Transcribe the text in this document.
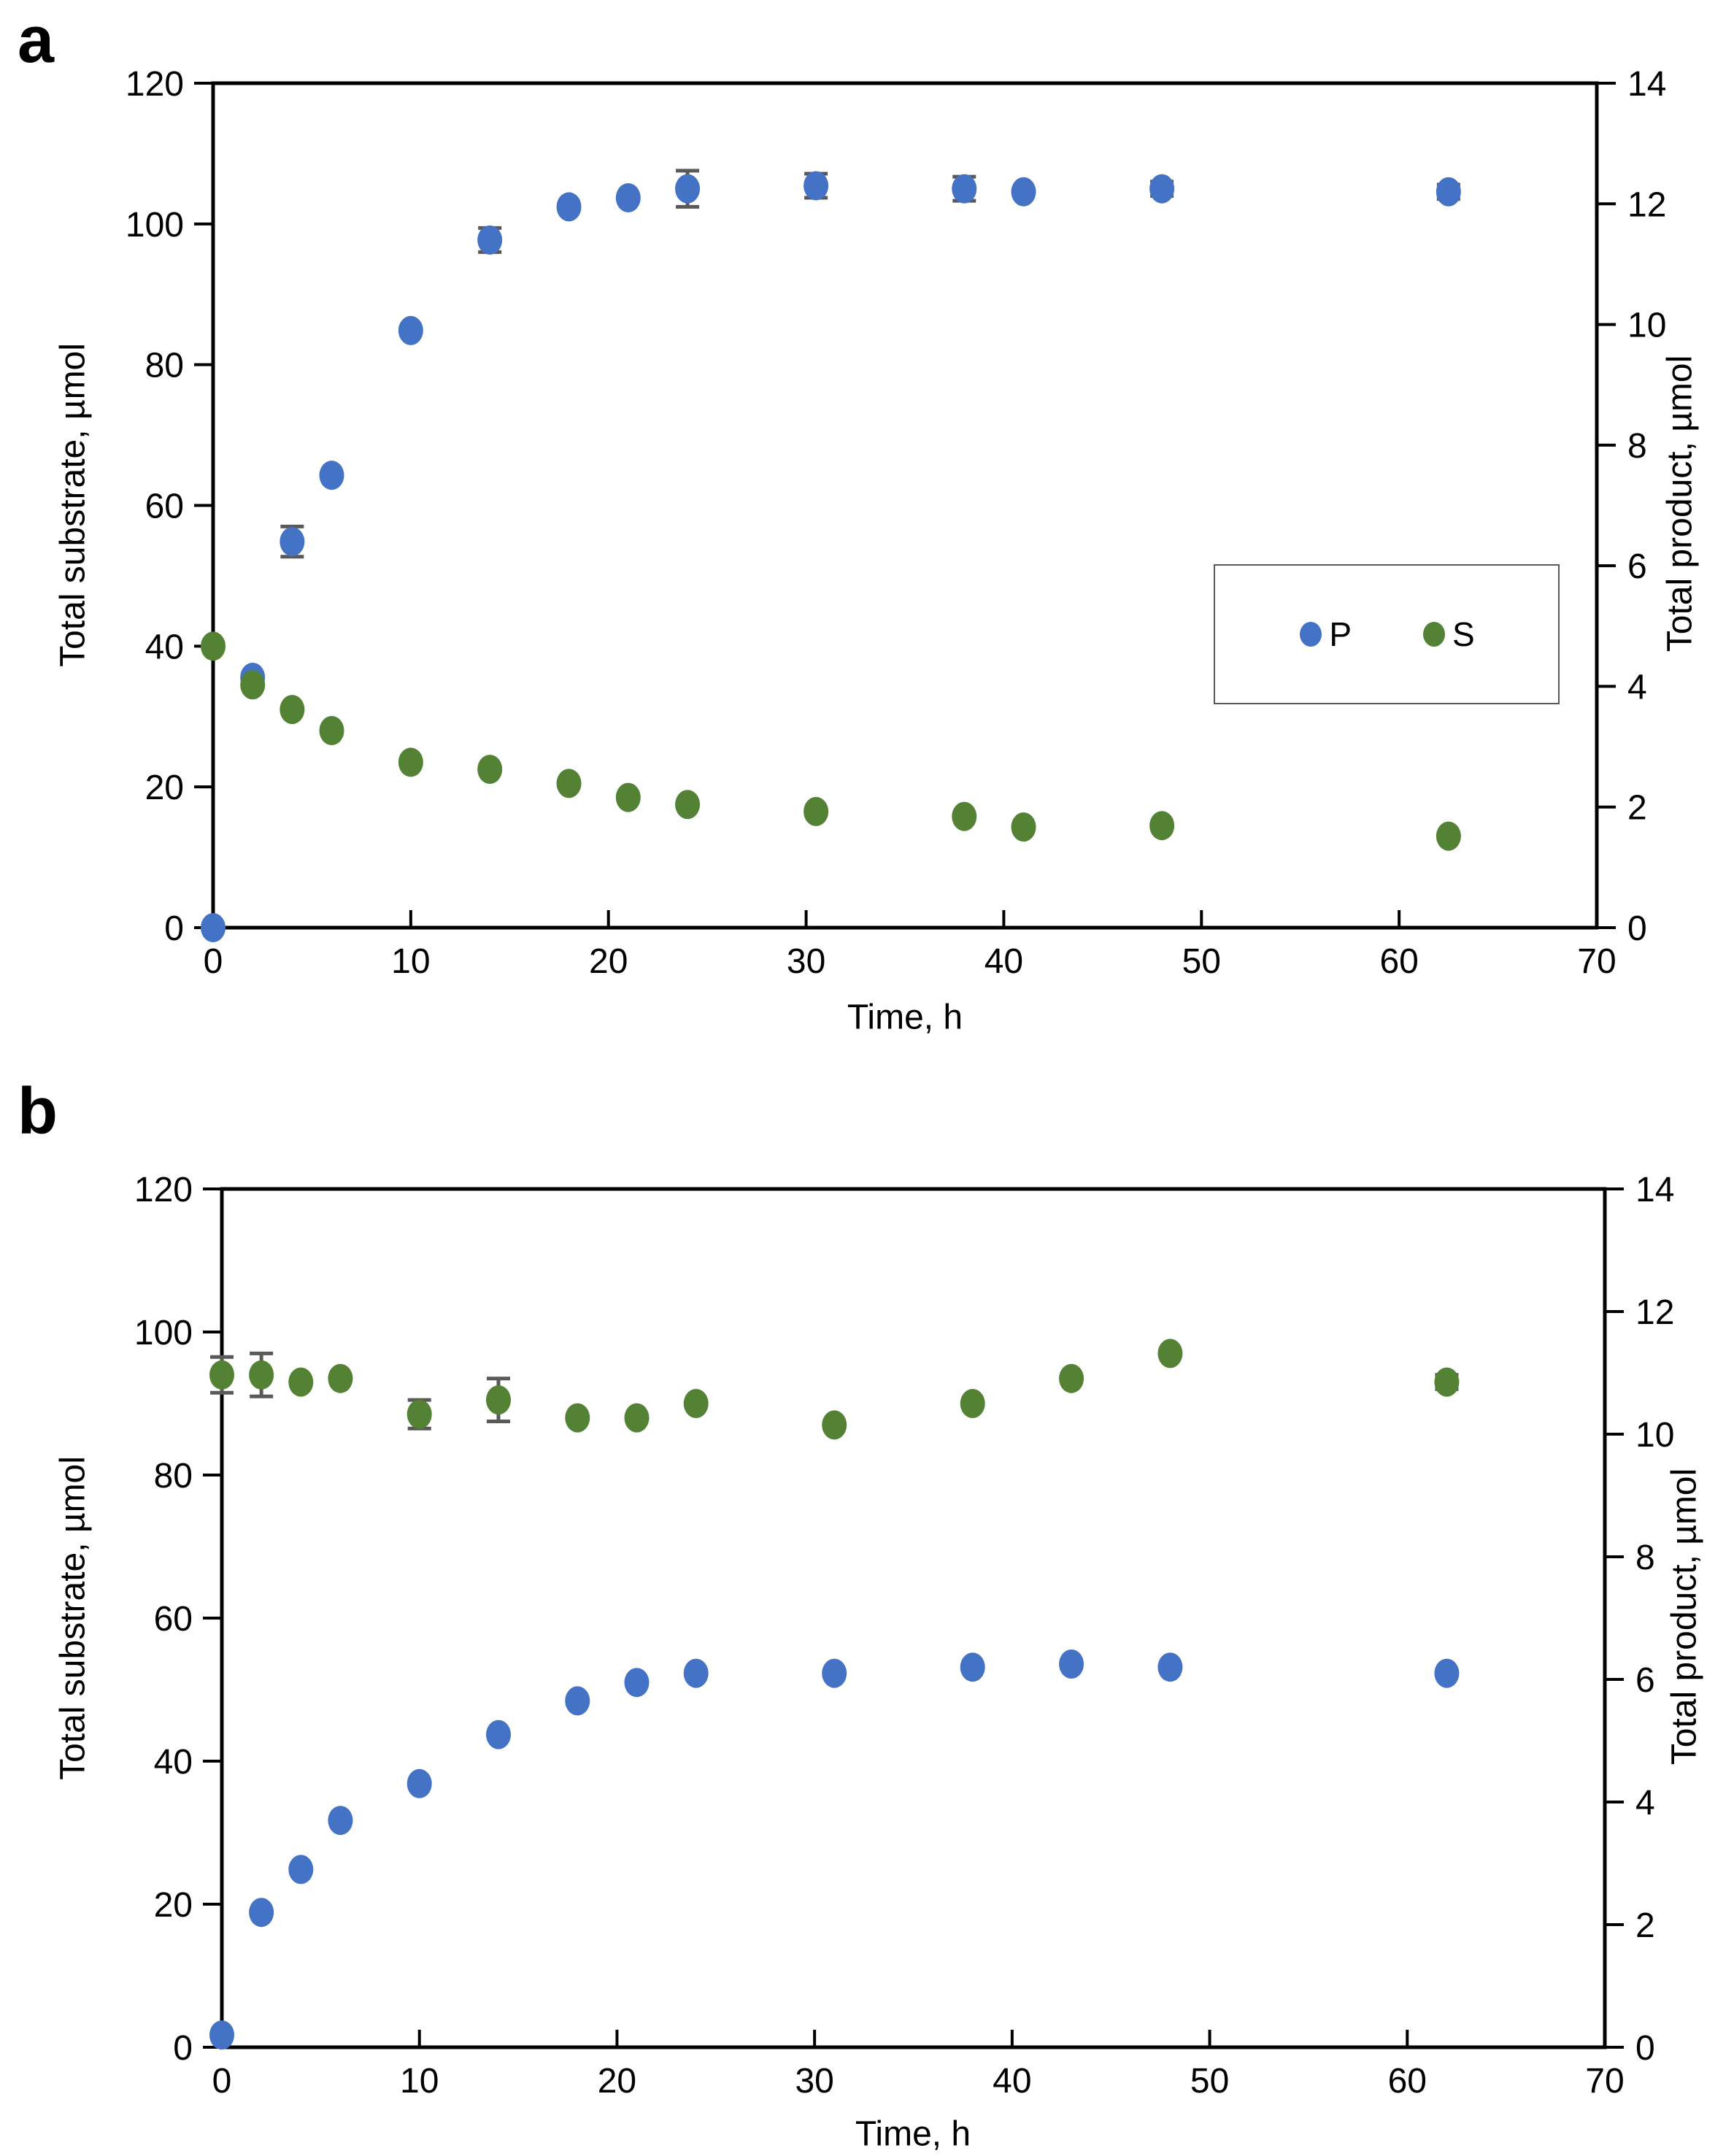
a
b
0	10	20	30	40	50	60	70
0
20
40
60
80
100
120
0
2
4
6
8
10
12
14
0	10	20	30	40	50	60	70
0
20
40
60
80
100
120
0
2
4
6
8
10
12
14
Total substrate, µmol	Total product, µmol
Time, h
Total substrate, µmol	Total product, µmol
Time, h
P	S
